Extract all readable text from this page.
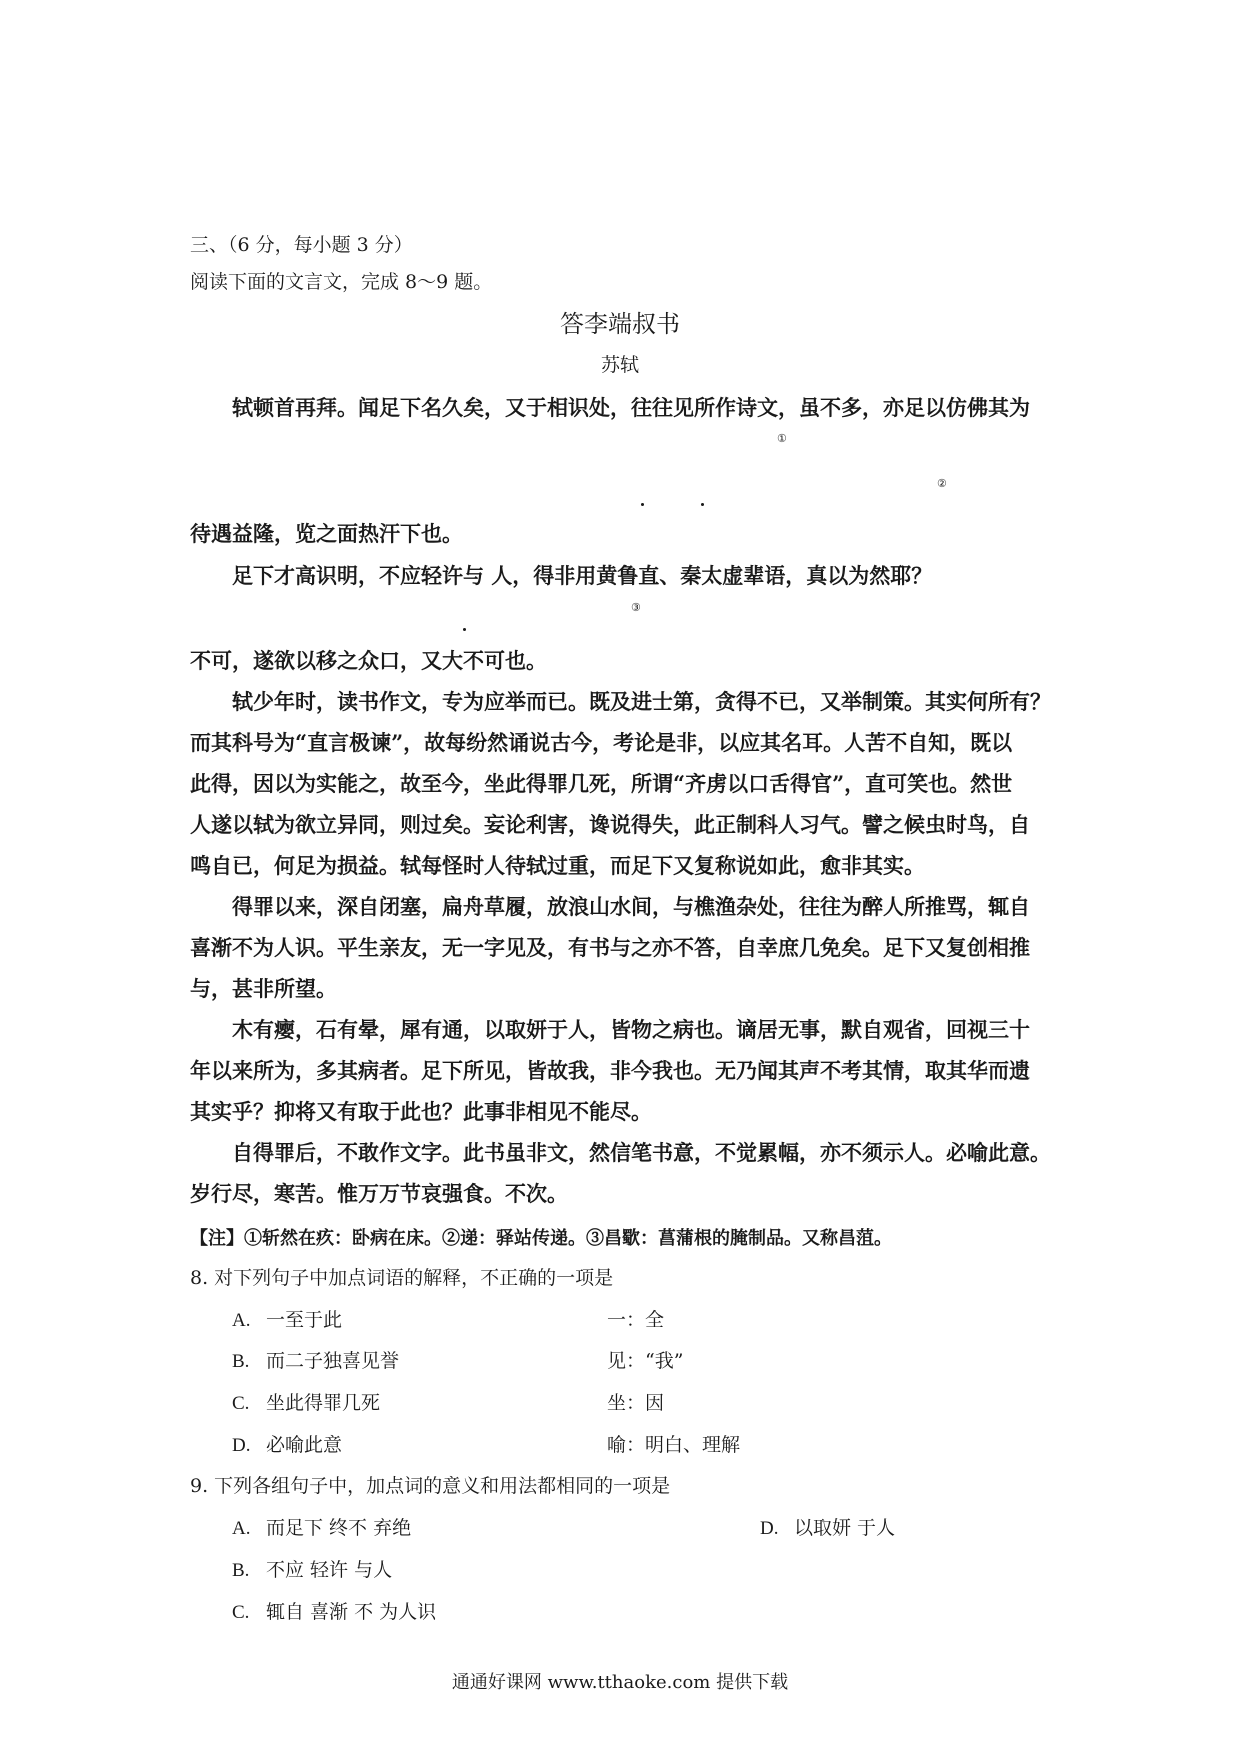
三、（6 分，每小题 3 分）
阅读下面的文言文，完成 8～9 题。
答李端叔书
苏轼
轼顿首再拜。闻足下名久矣，又于相识处，往往见所作诗文，虽不多，亦足以仿佛其为
①
②
待遇益隆，览之面热汗下也。
足下才高识明，不应轻许与 人，得非用黄鲁直、秦太虚辈语，真以为然耶？
③
不可，遂欲以移之众口，又大不可也。
轼少年时，读书作文，专为应举而已。既及进士第，贪得不已，又举制策。其实何所有？
而其科号为“直言极谏”，故每纷然诵说古今，考论是非，以应其名耳。人苦不自知，既以
此得，因以为实能之，故至今，坐此得罪几死，所谓“齐虏以口舌得官”，直可笑也。然世
人遂以轼为欲立异同，则过矣。妄论利害，谗说得失，此正制科人习气。譬之候虫时鸟，自
鸣自已，何足为损益。轼每怪时人待轼过重，而足下又复称说如此，愈非其实。
得罪以来，深自闭塞，扁舟草履，放浪山水间，与樵渔杂处，往往为醉人所推骂，辄自
喜渐不为人识。平生亲友，无一字见及，有书与之亦不答，自幸庶几免矣。足下又复创相推
与，甚非所望。
木有瘿，石有晕，犀有通，以取妍于人，皆物之病也。谪居无事，默自观省，回视三十
年以来所为，多其病者。足下所见，皆故我，非今我也。无乃闻其声不考其情，取其华而遗
其实乎？抑将又有取于此也？此事非相见不能尽。
自得罪后，不敢作文字。此书虽非文，然信笔书意，不觉累幅，亦不须示人。必喻此意。
岁行尽，寒苦。惟万万节哀强食。不次。
【注】①斩然在疚：卧病在床。②递：驿站传递。③昌歜：菖蒲根的腌制品。又称昌菹。
8. 对下列句子中加点词语的解释，不正确的一项是
A. 一至于此	一：全
B. 而二子独喜见誉	见：“我”
C. 坐此得罪几死	坐：因
D. 必喻此意	喻：明白、理解
9. 下列各组句子中，加点词的意义和用法都相同的一项是
A. 而足下 终不 弃绝	D. 以取妍 于人
B. 不应 轻许 与人
C. 辄自 喜渐 不 为人识
通通好课网 www.tthaoke.com 提供下载
